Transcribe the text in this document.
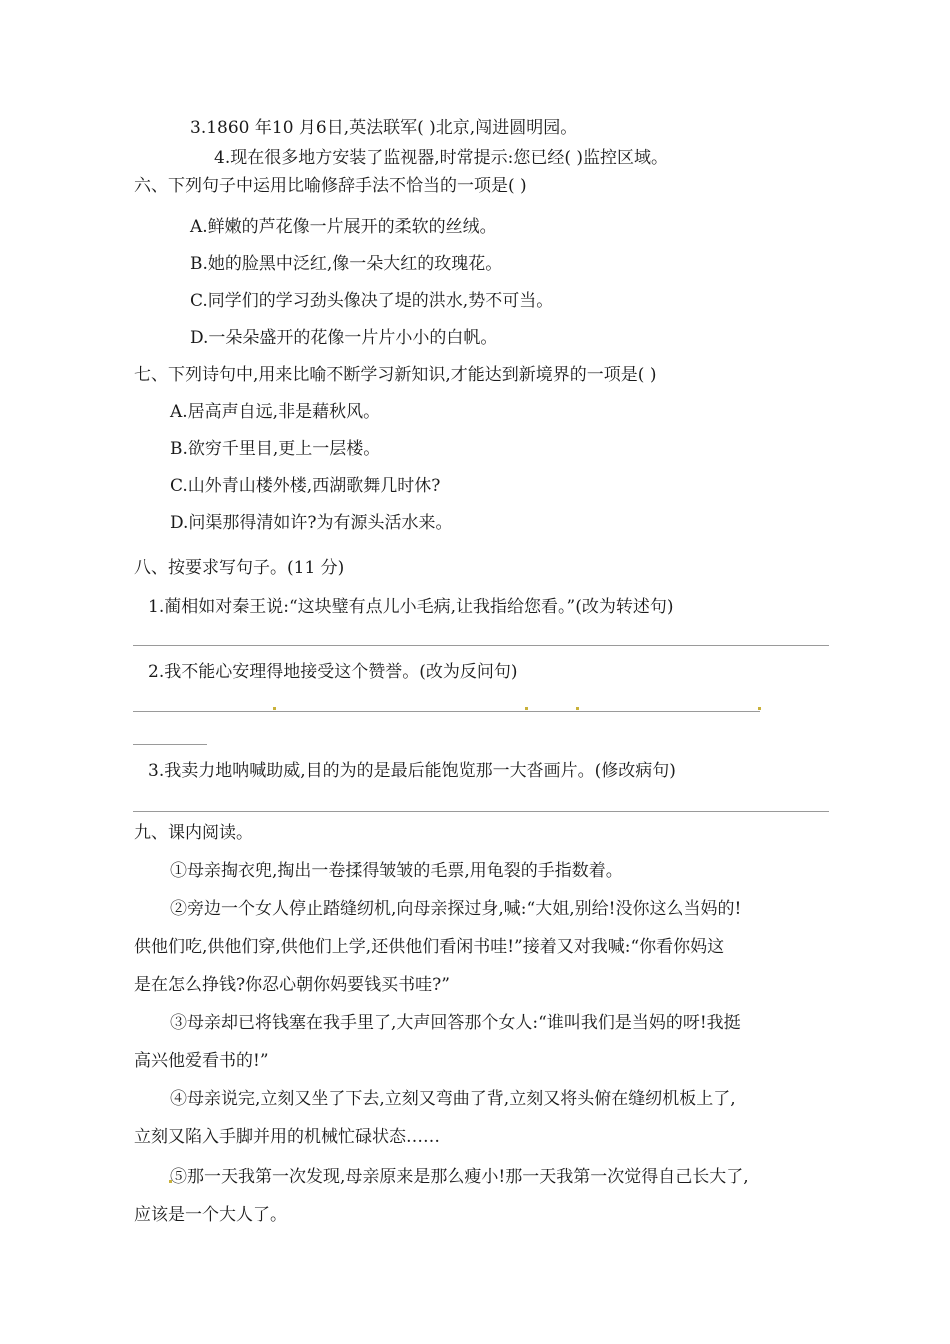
3.1860 年10 月6日,英法联军( )北京,闯进圆明园。
4.现在很多地方安装了监视器,时常提示:您已经( )监控区域。
六、下列句子中运用比喻修辞手法不恰当的一项是( )
A.鲜嫩的芦花像一片展开的柔软的丝绒。
B.她的脸黑中泛红,像一朵大红的玫瑰花。
C.同学们的学习劲头像决了堤的洪水,势不可当。
D.一朵朵盛开的花像一片片小小的白帆。
七、下列诗句中,用来比喻不断学习新知识,才能达到新境界的一项是( )
A.居高声自远,非是藉秋风。
B.欲穷千里目,更上一层楼。
C.山外青山楼外楼,西湖歌舞几时休?
D.问渠那得清如许?为有源头活水来。
八、按要求写句子。(11 分)
1.蔺相如对秦王说:“这块璧有点儿小毛病,让我指给您看。”(改为转述句)
2.我不能心安理得地接受这个赞誉。(改为反问句)
3.我卖力地呐喊助威,目的为的是最后能饱览那一大沓画片。(修改病句)
九、课内阅读。
①母亲掏衣兜,掏出一卷揉得皱皱的毛票,用龟裂的手指数着。
②旁边一个女人停止踏缝纫机,向母亲探过身,喊:“大姐,别给!没你这么当妈的!
供他们吃,供他们穿,供他们上学,还供他们看闲书哇!”接着又对我喊:“你看你妈这
是在怎么挣钱?你忍心朝你妈要钱买书哇?”
③母亲却已将钱塞在我手里了,大声回答那个女人:“谁叫我们是当妈的呀!我挺
高兴他爱看书的!”
④母亲说完,立刻又坐了下去,立刻又弯曲了背,立刻又将头俯在缝纫机板上了,
立刻又陷入手脚并用的机械忙碌状态……
⑤那一天我第一次发现,母亲原来是那么瘦小!那一天我第一次觉得自己长大了,
应该是一个大人了。
